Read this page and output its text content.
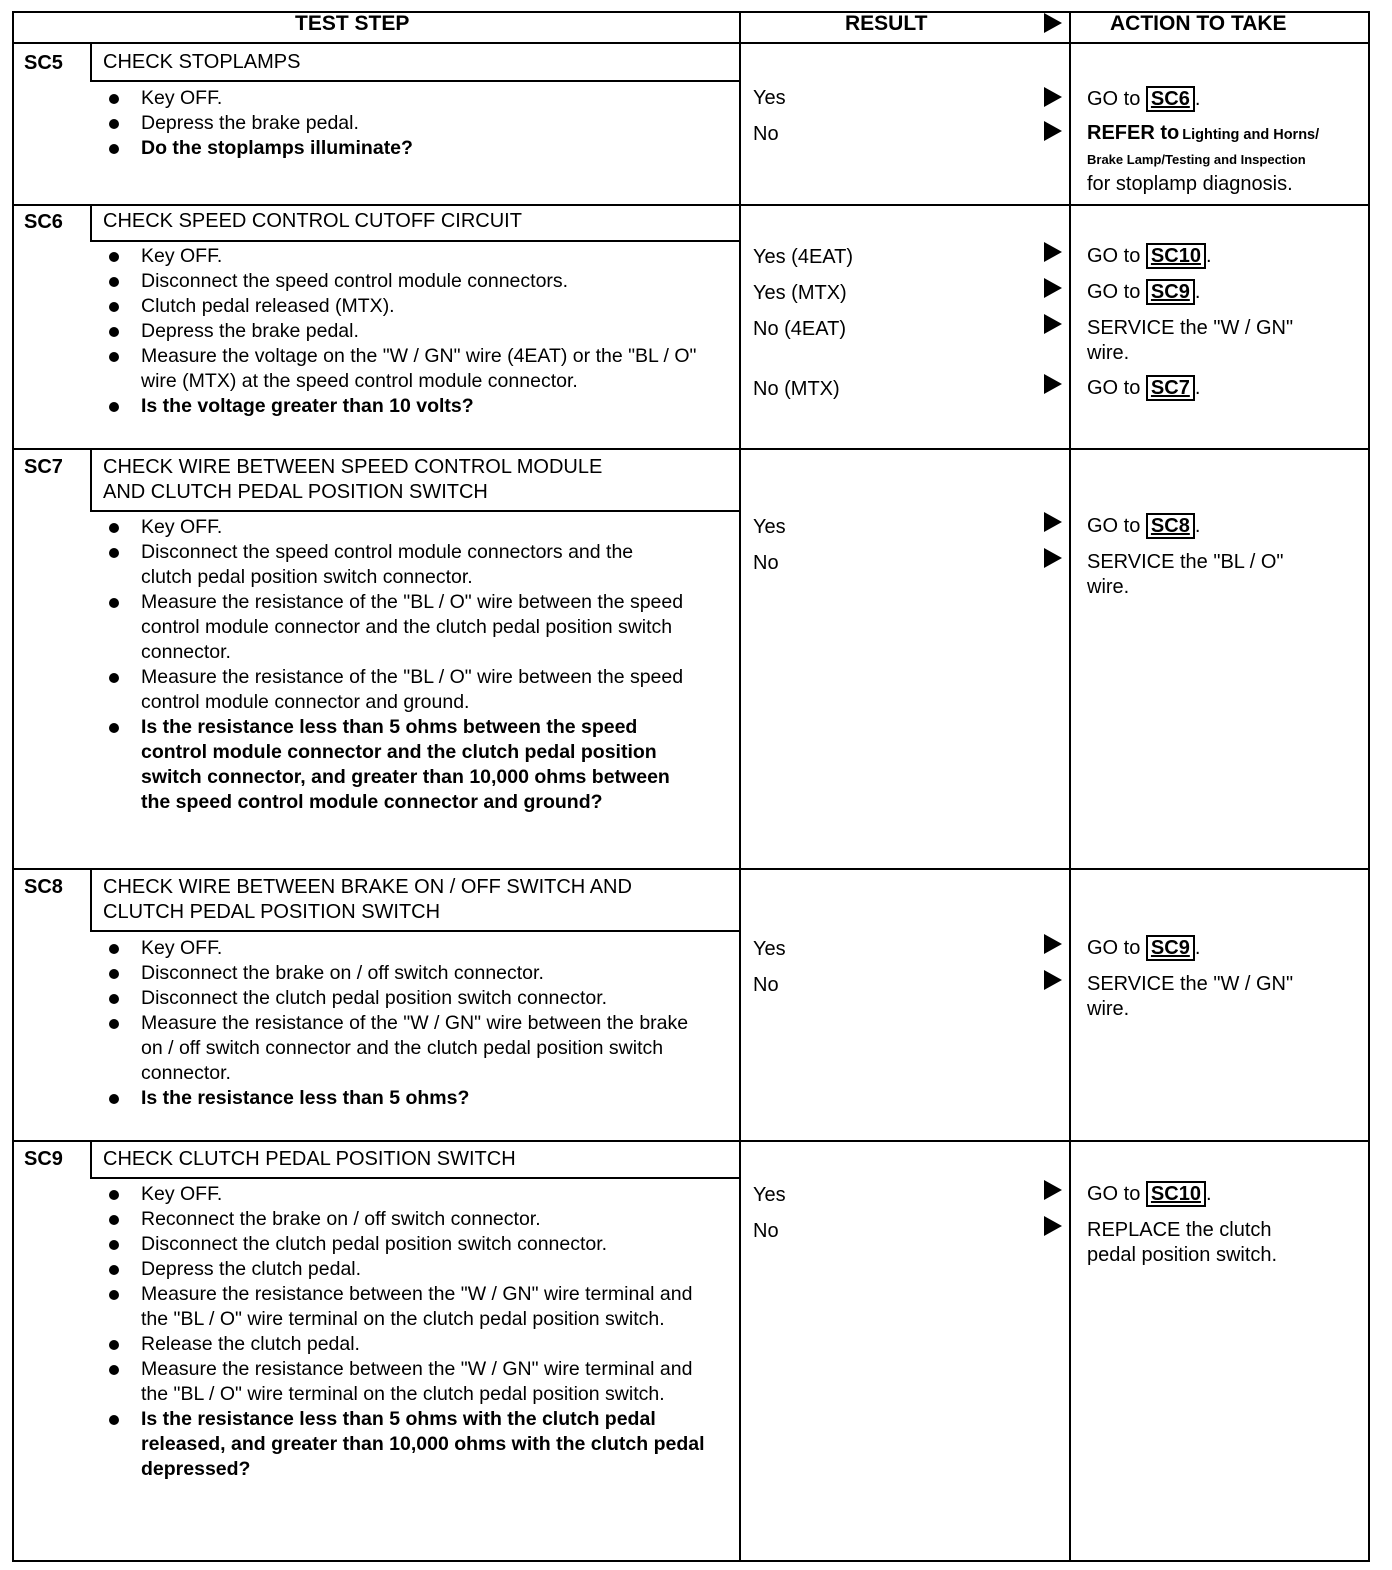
TEST STEP	RESULT	ACTION TO TAKE
SC5 CHECK STOPLAMPS
Key OFF.
Depress the brake pedal.
Do the stoplamps illuminate?
Yes	GO to SC6 .
No	REFER to Lighting and Horns/
Brake Lamp/Testing and Inspection
for stoplamp diagnosis.
SC6 CHECK SPEED CONTROL CUTOFF CIRCUIT
Key OFF.
Disconnect the speed control module connectors.
Clutch pedal released (MTX).
Depress the brake pedal.
Measure the voltage on the "W / GN" wire (4EAT) or the "BL / O" wire (MTX) at the speed control module connector.
Is the voltage greater than 10 volts?
Yes (4EAT)	GO to SC10 .
Yes (MTX)	GO to SC9 .
No (4EAT)	SERVICE the "W / GN"
wire.
No (MTX)	GO to SC7 .
SC7 CHECK WIRE BETWEEN SPEED CONTROL MODULE
AND CLUTCH PEDAL POSITION SWITCH
Key OFF.
Disconnect the speed control module connectors and the clutch pedal position switch connector.
Measure the resistance of the "BL / O" wire between the speed control module connector and the clutch pedal position switch connector.
Measure the resistance of the "BL / O" wire between the speed control module connector and ground.
Is the resistance less than 5 ohms between the speed control module connector and the clutch pedal position switch connector, and greater than 10,000 ohms between the speed control module connector and ground?
Yes	GO to SC8 .
No	SERVICE the "BL / O"
wire.
SC8 CHECK WIRE BETWEEN BRAKE ON / OFF SWITCH AND
CLUTCH PEDAL POSITION SWITCH
Key OFF.
Disconnect the brake on / off switch connector.
Disconnect the clutch pedal position switch connector.
Measure the resistance of the "W / GN" wire between the brake on / off switch connector and the clutch pedal position switch connector.
Is the resistance less than 5 ohms?
Yes	GO to SC9 .
No	SERVICE the "W / GN"
wire.
SC9 CHECK CLUTCH PEDAL POSITION SWITCH
Key OFF.
Reconnect the brake on / off switch connector.
Disconnect the clutch pedal position switch connector.
Depress the clutch pedal.
Measure the resistance between the "W / GN" wire terminal and the "BL / O" wire terminal on the clutch pedal position switch.
Release the clutch pedal.
Measure the resistance between the "W / GN" wire terminal and the "BL / O" wire terminal on the clutch pedal position switch.
Is the resistance less than 5 ohms with the clutch pedal released, and greater than 10,000 ohms with the clutch pedal depressed?
Yes	GO to SC10 .
No	REPLACE the clutch
pedal position switch.
